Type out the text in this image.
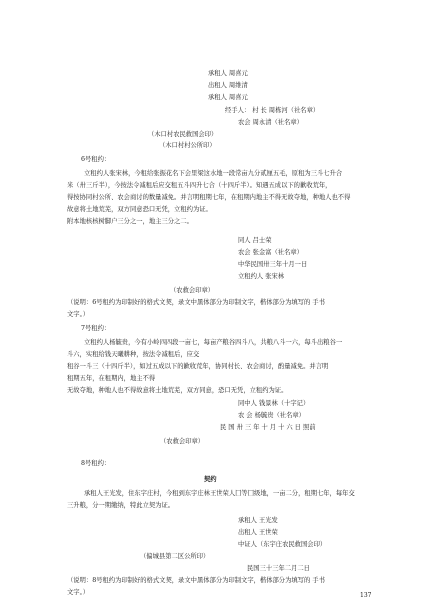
承租人 周喜元
出租人 周维清
承租人 周喜元
经手人： 村 长 周栋河（社名章）
农会 周永清（社名章）
（木口村农民救国会印）
（木口村村公所印）
6号租约：
立租约人张宋林，今租给张振花名下会里梁这水地一段常亩九分贰厘五毛，原租为三斗七升合
米（卅三斤半），今按法令减租后应交租五斗四升七合（十四斤半）。知遇五成以下的歉收荒年，
得按协同村公所、农会商讨的数量减免。并言明租期七年，在租期内地主不得无故夺地，种地人也不得
故意将土地荒芜，双方同意恐口无凭，立租约为证。
附本地核核树脚户三分之一，地主三分之二。
同人 吕士荣
农会 张金富（社名章）
中华民国卅三年十月一日
立租约人 张宋林
（农救会印章）
（说明：6号租约为印制好的格式文契，录文中黑体部分为印制文字，楷体部分为填写的 手书
文字。）
7号租约：
立租约人杨毓贵，今有小岭四四段一亩七，每亩产粮谷四斗八，共粮八斗一六，每斗出粮谷一
斗六，实租给钱天曦耕种，按法令减租后，应交
租谷一斗三（十四斤半），如过五成以下的歉收荒年，协同村长、农会商讨，酌量减免。并言明
租期五年，在租期内，地主不得
无故夺地，种地人也不得故意将土地荒芜，双方同意，恐口无凭，立租约为证。
同中人 钱景林（十字记）
农 会 杨毓贵（社名章）
民 国 卅 三 年 十 月 十 六 日 照前
（农救会印章）
8号租约：
契约
承租人王光发，住东字庄村，今租到东宇庄林王世荣人囗等囗级地，一亩二分，租期七年，每年交
三升粮，分一期缴纳，特此立契为证。
承租人 王光发
出租人 王世荣
中证人（东宇庄农民救国会印）
（偏城县第二区公所印）
民国三十三年二月二日
（说明：8号租约为印制好的格式文契，录文中黑体部分为印制文字，楷体部分为填写的 手书
文字。）	137
